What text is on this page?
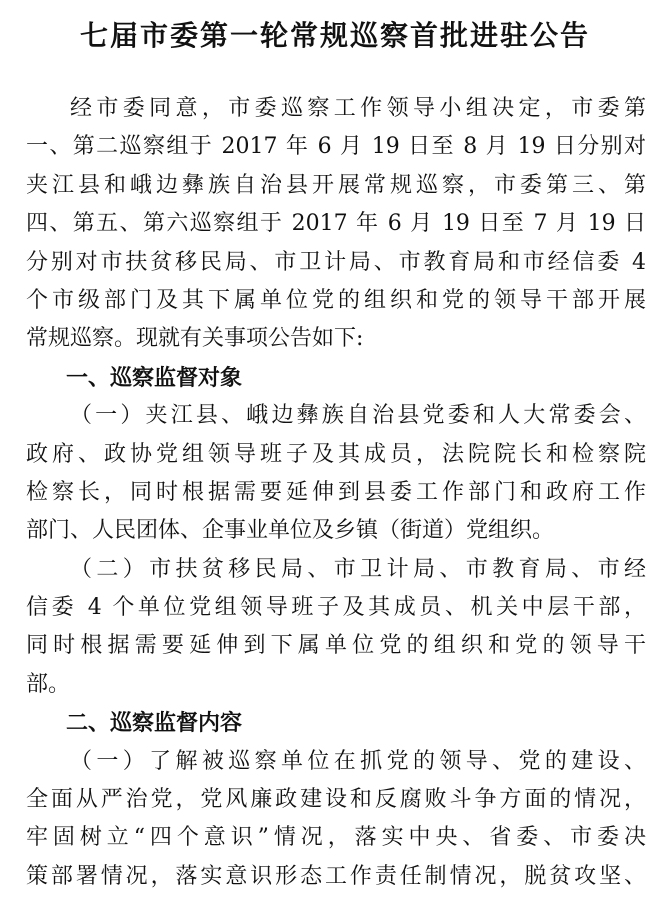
七届市委第一轮常规巡察首批进驻公告
经市委同意，市委巡察工作领导小组决定，市委第
一、第二巡察组于 2017 年 6 月 19 日至 8 月 19 日分别对
夹江县和峨边彝族自治县开展常规巡察，市委第三、第
四、第五、第六巡察组于 2017 年 6 月 19 日至 7 月 19 日
分别对市扶贫移民局、市卫计局、市教育局和市经信委 4
个市级部门及其下属单位党的组织和党的领导干部开展
常规巡察。现就有关事项公告如下:
一、巡察监督对象
（一）夹江县、峨边彝族自治县党委和人大常委会、
政府、政协党组领导班子及其成员，法院院长和检察院
检察长，同时根据需要延伸到县委工作部门和政府工作
部门、人民团体、企事业单位及乡镇（街道）党组织。
（二）市扶贫移民局、市卫计局、市教育局、市经
信委 4 个单位党组领导班子及其成员、机关中层干部，
同时根据需要延伸到下属单位党的组织和党的领导干
部。
二、巡察监督内容
（一）了解被巡察单位在抓党的领导、党的建设、
全面从严治党，党风廉政建设和反腐败斗争方面的情况，
牢固树立“四个意识”情况，落实中央、省委、市委决
策部署情况，落实意识形态工作责任制情况，脱贫攻坚、
